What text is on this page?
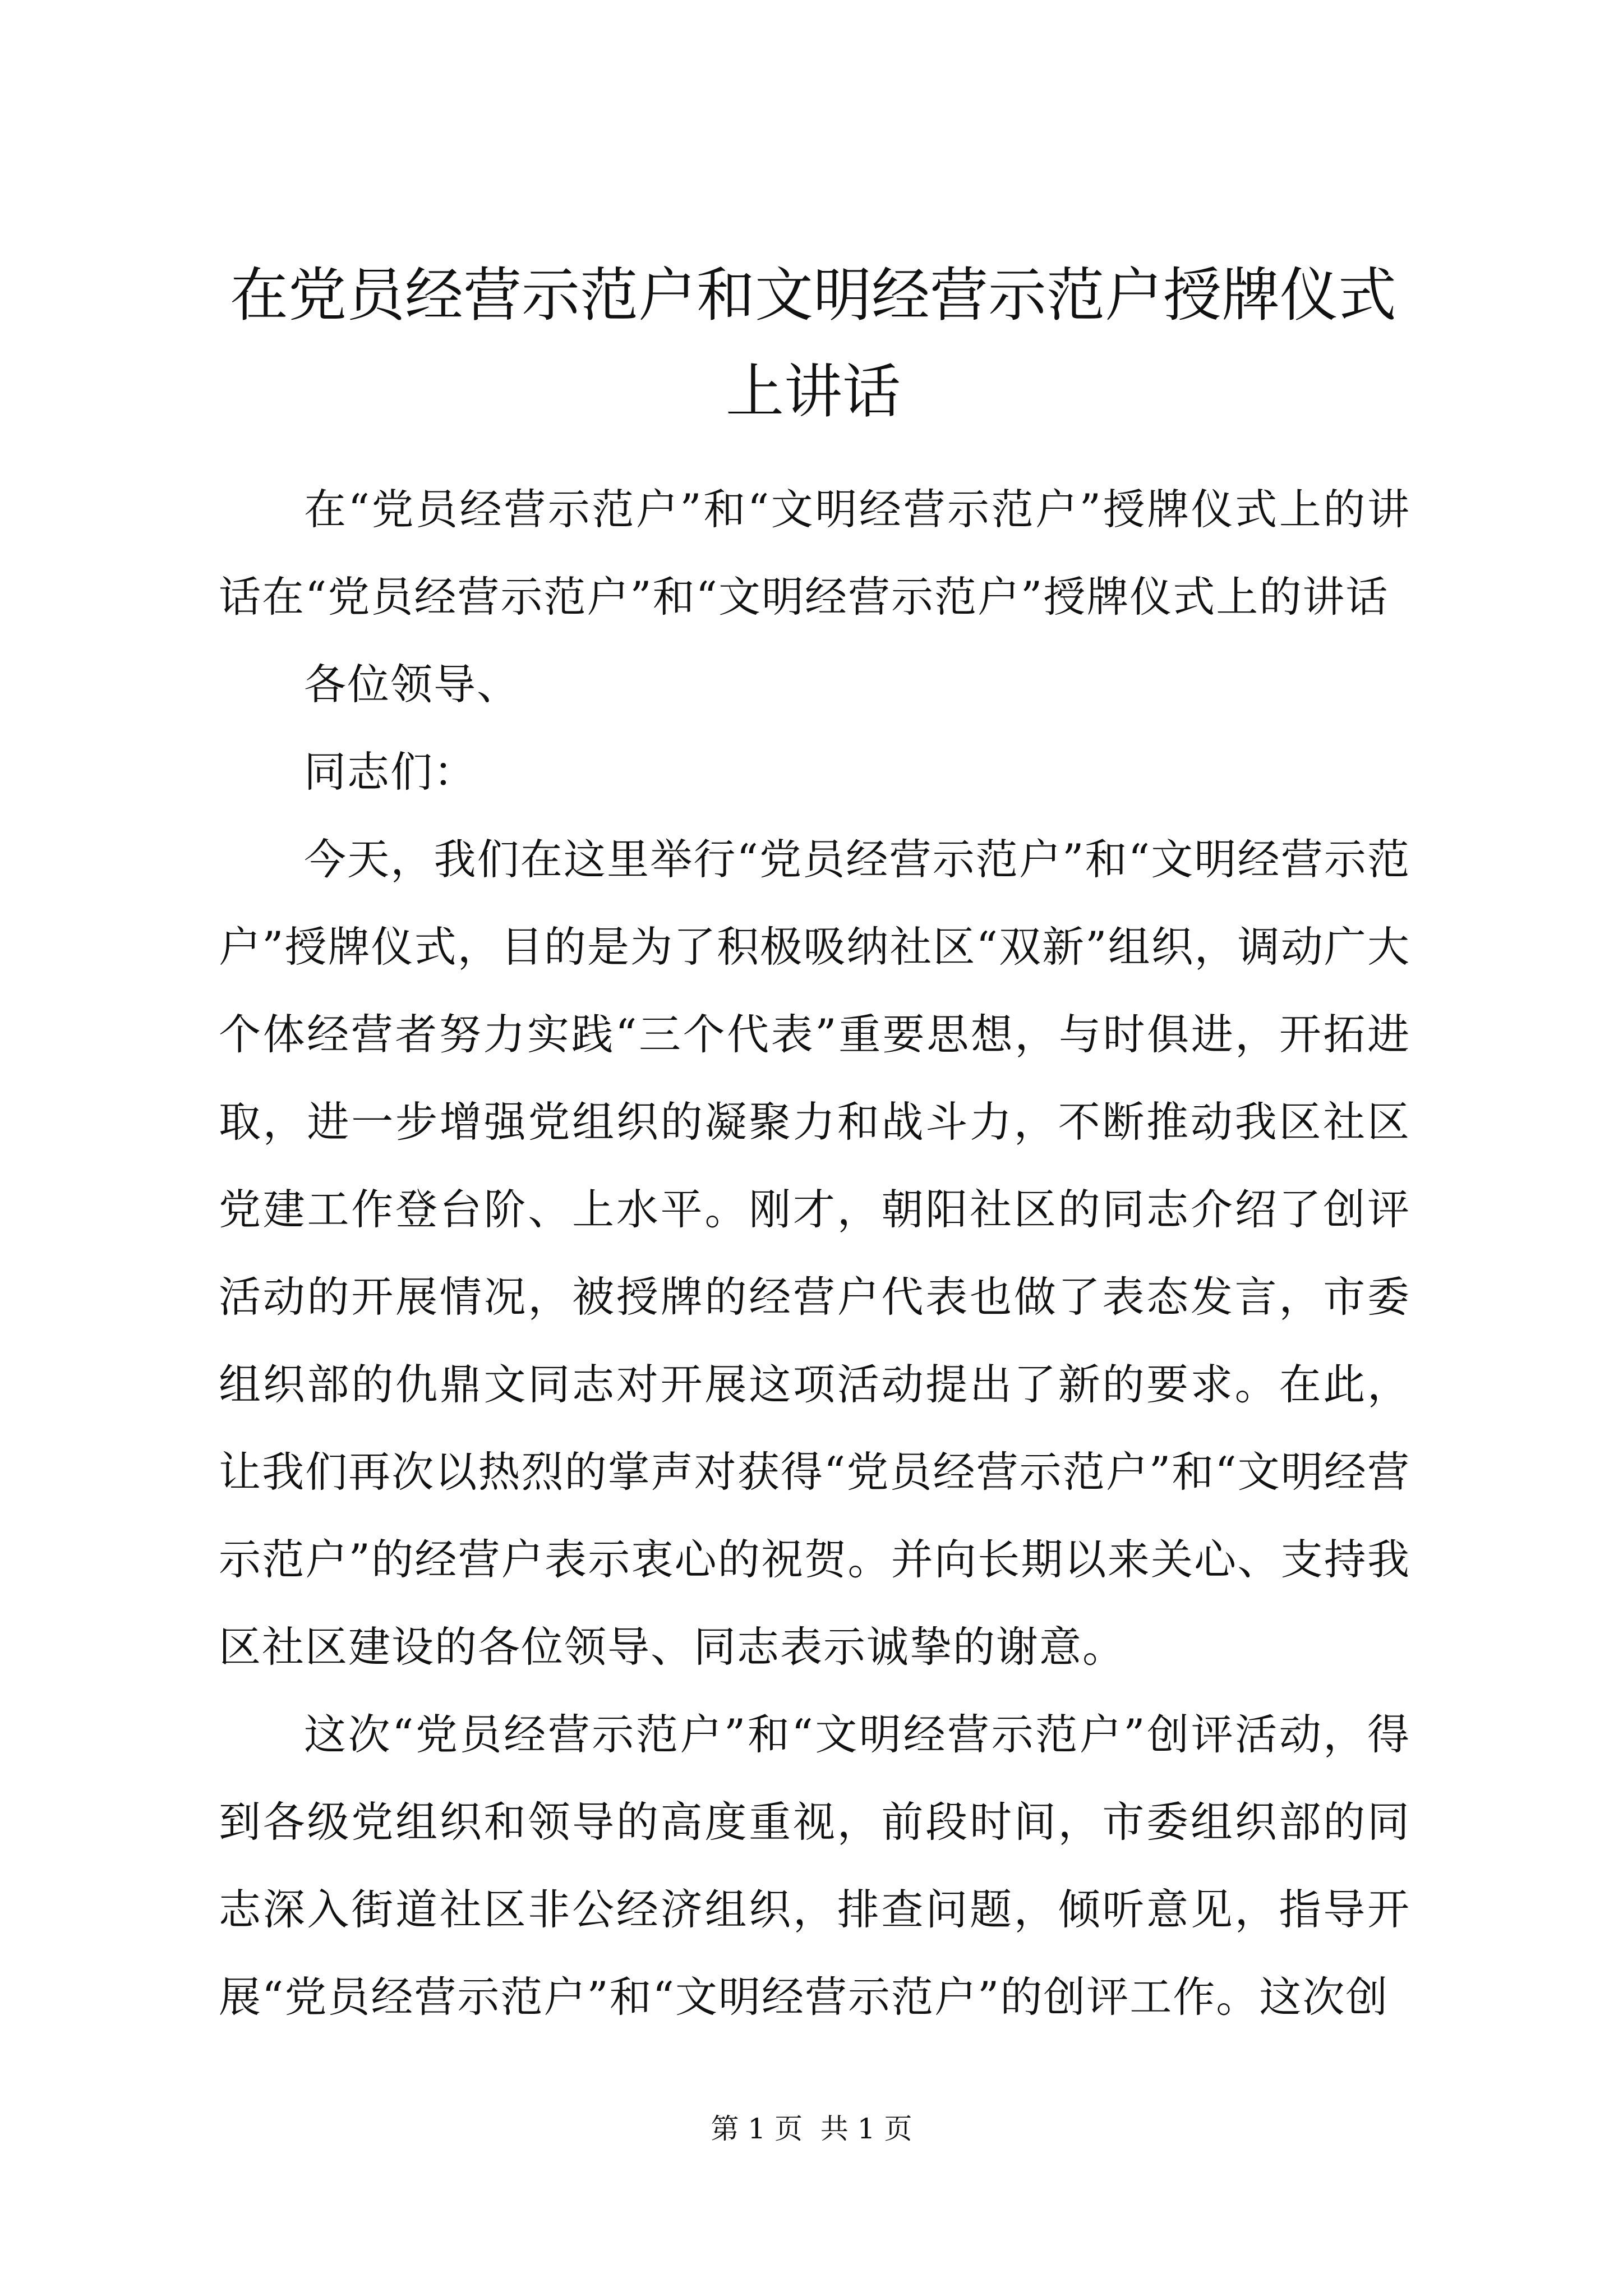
在党员经营示范户和文明经营示范户授牌仪式上讲话

在“党员经营示范户”和“文明经营示范户”授牌仪式上的讲话在“党员经营示范户”和“文明经营示范户”授牌仪式上的讲话

各位领导、

同志们：

今天，我们在这里举行“党员经营示范户”和“文明经营示范户”授牌仪式，目的是为了积极吸纳社区“双新”组织，调动广大个体经营者努力实践“三个代表”重要思想，与时俱进，开拓进取，进一步增强党组织的凝聚力和战斗力，不断推动我区社区党建工作登台阶、上水平。刚才，朝阳社区的同志介绍了创评活动的开展情况，被授牌的经营户代表也做了表态发言，市委组织部的仇鼎文同志对开展这项活动提出了新的要求。在此，让我们再次以热烈的掌声对获得“党员经营示范户”和“文明经营示范户”的经营户表示衷心的祝贺。并向长期以来关心、支持我区社区建设的各位领导、同志表示诚挚的谢意。

这次“党员经营示范户”和“文明经营示范户”创评活动，得到各级党组织和领导的高度重视，前段时间，市委组织部的同志深入街道社区非公经济组织，排查问题，倾听意见，指导开展“党员经营示范户”和“文明经营示范户”的创评工作。这次创

第 1 页  共 1 页
